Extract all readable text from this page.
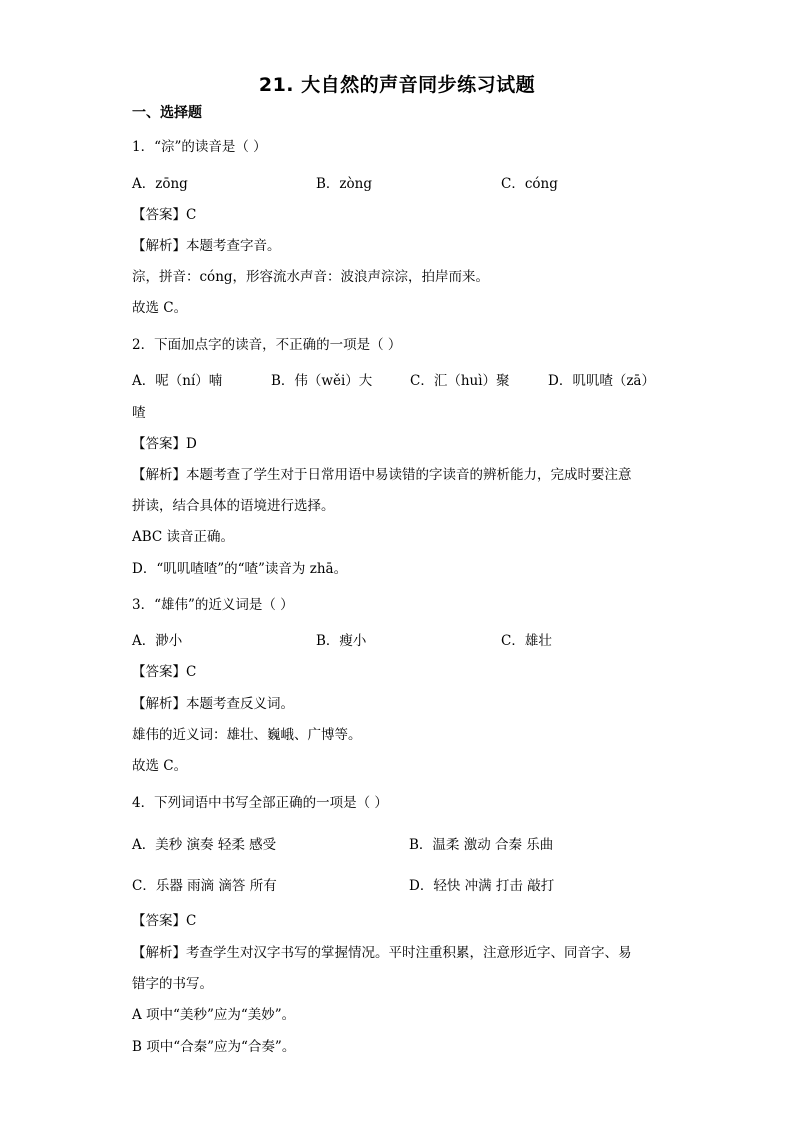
21. 大自然的声音同步练习试题
一、选择题
1．“淙”的读音是（ ）
A．zōng	B．zòng	C．cóng
【答案】C
【解析】本题考查字音。
淙，拼音：cóng，形容流水声音：波浪声淙淙，拍岸而来。
故选 C。
2．下面加点字的读音，不正确的一项是（ ）
A．呢（ní）喃	B．伟（wěi）大	C．汇（huì）聚	D．叽叽喳（zā）
喳
【答案】D
【解析】本题考查了学生对于日常用语中易读错的字读音的辨析能力，完成时要注意
拼读，结合具体的语境进行选择。
ABC 读音正确。
D．“叽叽喳喳”的“喳”读音为 zhā。
3．“雄伟”的近义词是（ ）
A．渺小	B．瘦小	C．雄壮
【答案】C
【解析】本题考查反义词。
雄伟的近义词：雄壮、巍峨、广博等。
故选 C。
4．下列词语中书写全部正确的一项是（ ）
A．美秒 演奏 轻柔 感受	B．温柔 激动 合秦 乐曲
C．乐器 雨滴 滴答 所有	D．轻快 冲满 打击 敲打
【答案】C
【解析】考查学生对汉字书写的掌握情况。平时注重积累，注意形近字、同音字、易
错字的书写。
A 项中“美秒”应为“美妙”。
B 项中“合秦”应为“合奏”。
